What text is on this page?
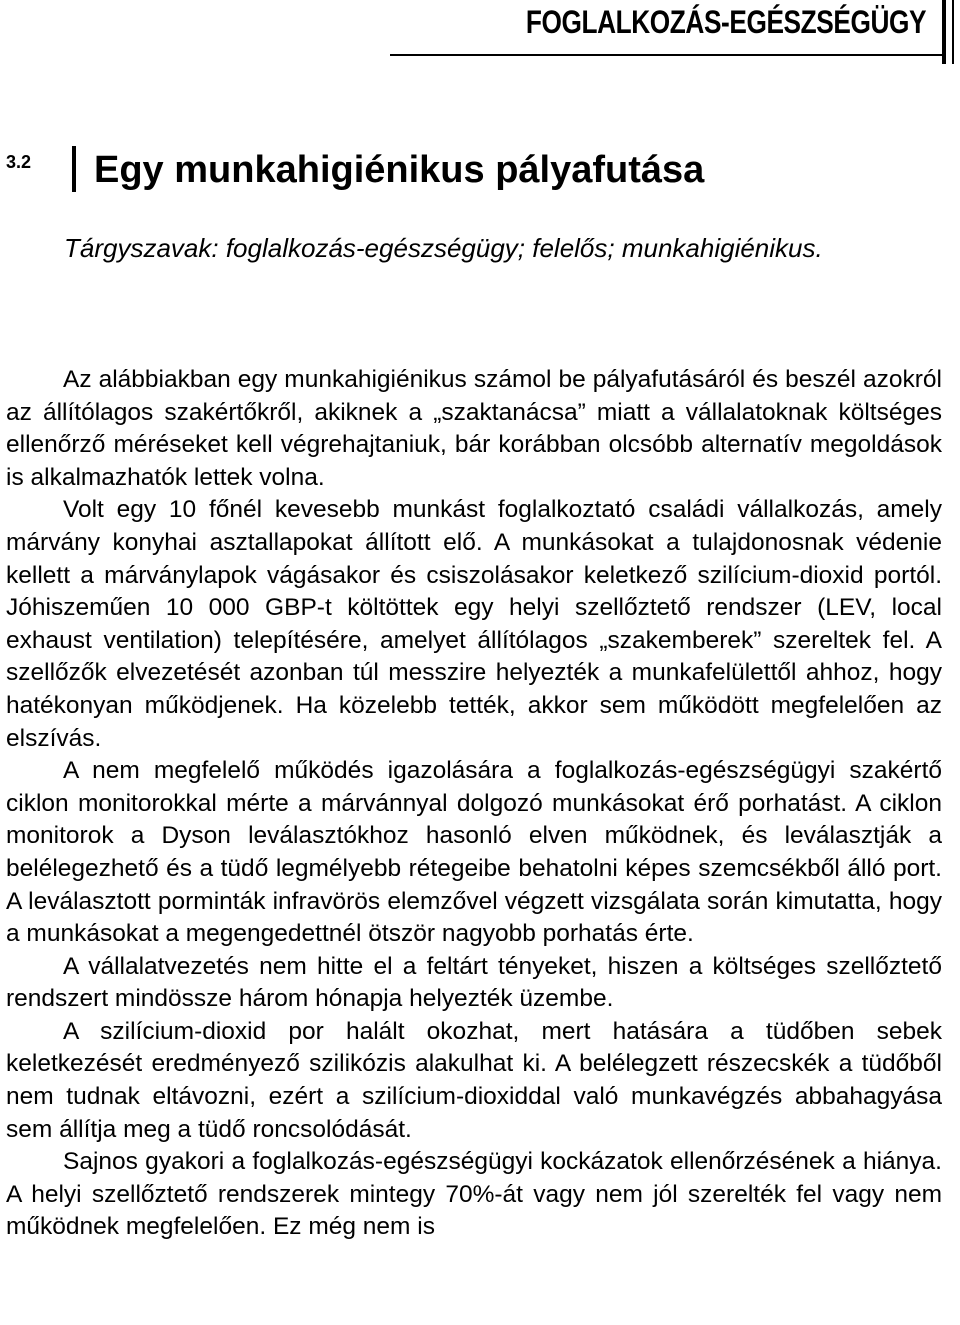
FOGLALKOZÁS-EGÉSZSÉGÜGY
3.2 Egy munkahigiénikus pályafutása
Tárgyszavak: foglalkozás-egészségügy; felelős; munkahigiénikus.

Az alábbiakban egy munkahigiénikus számol be pályafutásáról és beszél azokról az állítólagos szakértőkről, akiknek a „szaktanácsa” miatt a vállalatoknak költséges ellenőrző méréseket kell végrehajtaniuk, bár korábban olcsóbb alternatív megoldások is alkalmazhatók lettek volna.

Volt egy 10 főnél kevesebb munkást foglalkoztató családi vállalkozás, amely márvány konyhai asztallapokat állított elő. A munkásokat a tulajdonosnak védenie kellett a márványlapok vágásakor és csiszolásakor keletkező szilícium-dioxid portól. Jóhiszeműen 10 000 GBP-t költöttek egy helyi szellőztető rendszer (LEV, local exhaust ventilation) telepítésére, amelyet állítólagos „szakemberek” szereltek fel. A szellőzők elvezetését azonban túl messzire helyezték a munkafelülettől ahhoz, hogy hatékonyan működjenek. Ha közelebb tették, akkor sem működött megfelelően az elszívás.

A nem megfelelő működés igazolására a foglalkozás-egészségügyi szakértő ciklon monitorokkal mérte a márvánnyal dolgozó munkásokat érő porhatást. A ciklon monitorok a Dyson leválasztókhoz hasonló elven működnek, és leválasztják a belélegezhető és a tüdő legmélyebb rétegeibe behatolni képes szemcsékből álló port. A leválasztott porminták infravörös elemzővel végzett vizsgálata során kimutatta, hogy a munkásokat a megengedettnél ötször nagyobb porhatás érte.

A vállalatvezetés nem hitte el a feltárt tényeket, hiszen a költséges szellőztető rendszert mindössze három hónapja helyezték üzembe.

A szilícium-dioxid por halált okozhat, mert hatására a tüdőben sebek keletkezését eredményező szilikózis alakulhat ki. A belélegzett részecskék a tüdőből nem tudnak eltávozni, ezért a szilícium-dioxiddal való munkavégzés abbahagyása sem állítja meg a tüdő roncsolódását.

Sajnos gyakori a foglalkozás-egészségügyi kockázatok ellenőrzésének a hiánya. A helyi szellőztető rendszerek mintegy 70%-át vagy nem jól szerelték fel vagy nem működnek megfelelően. Ez még nem is
